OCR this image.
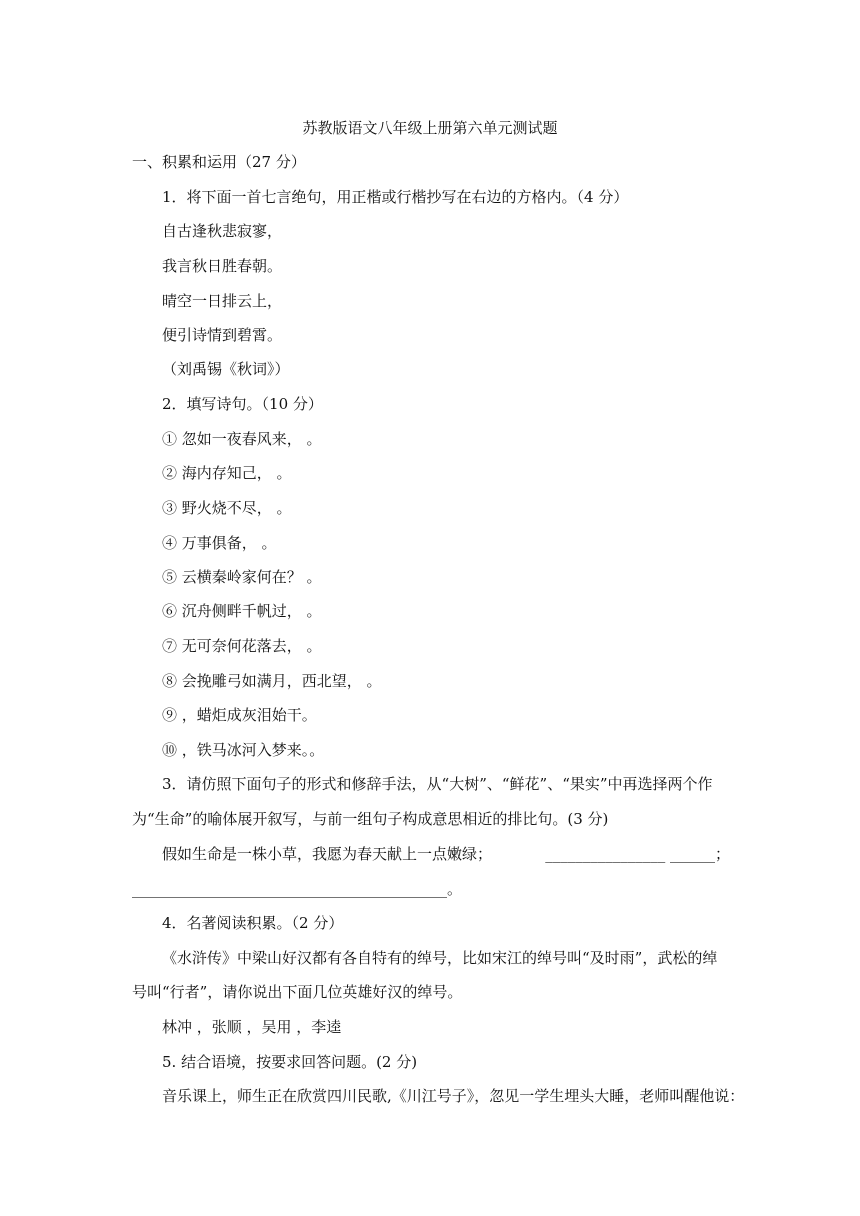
苏教版语文八年级上册第六单元测试题
一、积累和运用（27 分）
1．将下面一首七言绝句，用正楷或行楷抄写在右边的方格内。（4 分）
自古逢秋悲寂寥，
我言秋日胜春朝。
晴空一日排云上，
便引诗情到碧霄。
（刘禹锡《秋词》）
2．填写诗句。（10 分）
① 忽如一夜春风来， 。
② 海内存知己， 。
③ 野火烧不尽， 。
④ 万事俱备， 。
⑤ 云横秦岭家何在？ 。
⑥ 沉舟侧畔千帆过， 。
⑦ 无可奈何花落去， 。
⑧ 会挽雕弓如满月，西北望， 。
⑨ ，蜡炬成灰泪始干。
⑩ ，铁马冰河入梦来。。
3．请仿照下面句子的形式和修辞手法，从“大树”、“鲜花”、“果实”中再选择两个作
为“生命”的喻体展开叙写，与前一组句子构成意思相近的排比句。(3 分)
假如生命是一株小草，我愿为春天献上一点嫩绿；	________________ ______；
__________________________________________。
4．名著阅读积累。（2 分）
《水浒传》中梁山好汉都有各自特有的绰号，比如宋江的绰号叫“及时雨”，武松的绰
号叫“行者”，请你说出下面几位英雄好汉的绰号。
林冲 ，张顺 ，吴用 ，李逵
5. 结合语境，按要求回答问题。(2 分)
音乐课上，师生正在欣赏四川民歌,《川江号子》，忽见一学生埋头大睡，老师叫醒他说：
